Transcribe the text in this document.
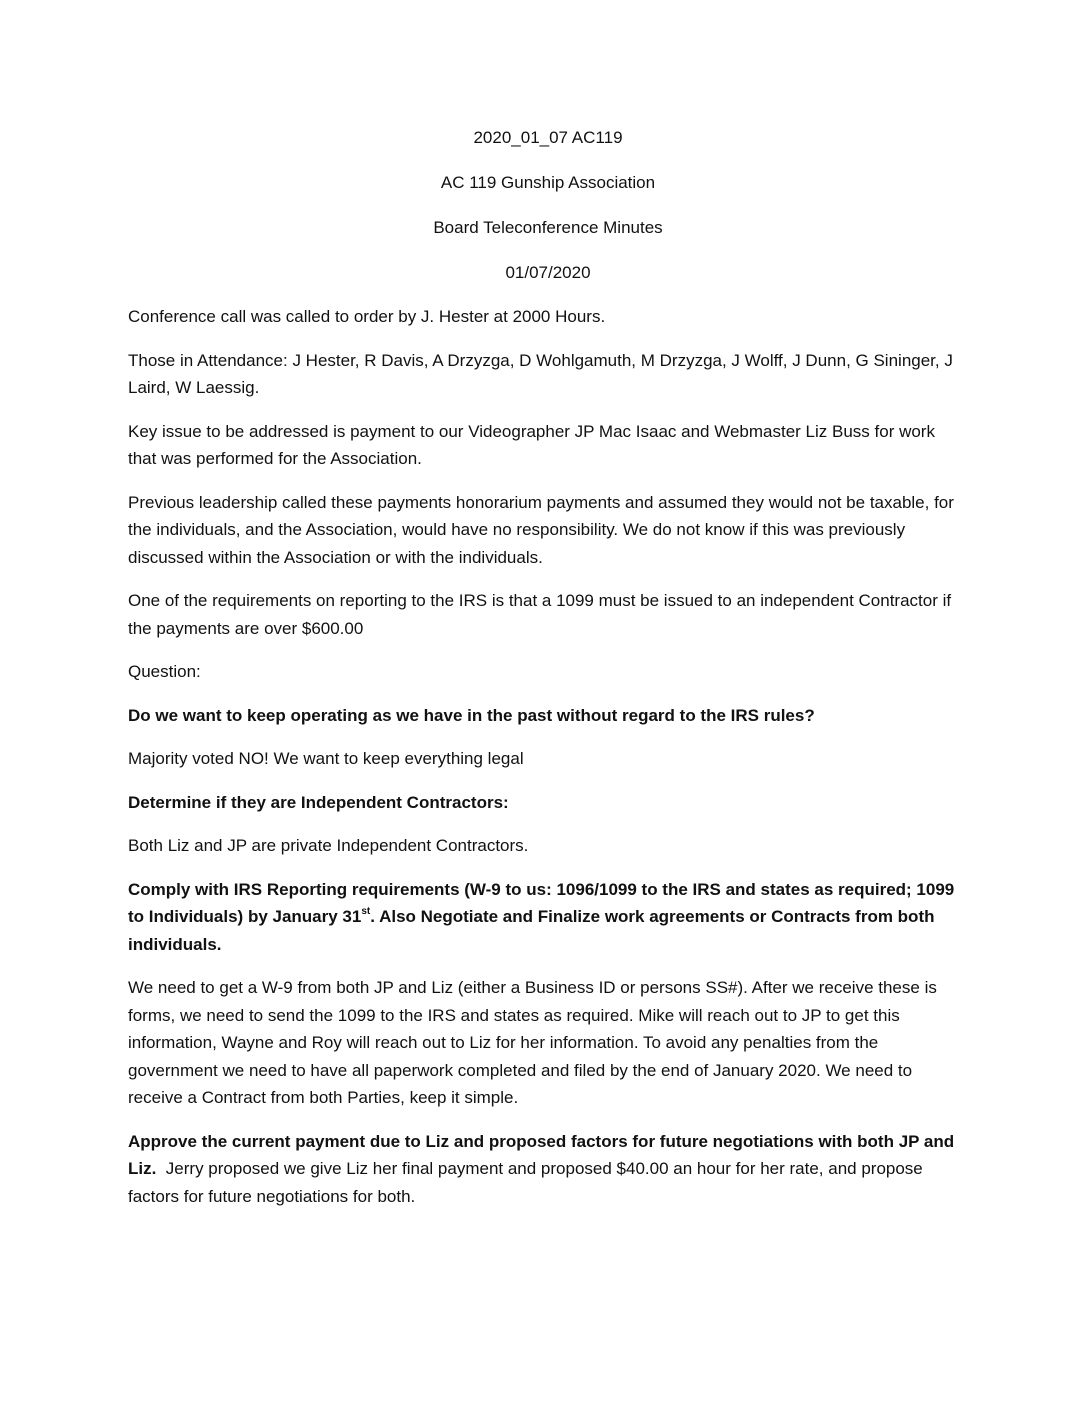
2020_01_07 AC119
AC 119 Gunship Association
Board Teleconference Minutes
01/07/2020

Conference call was called to order by J. Hester at 2000 Hours.

Those in Attendance: J Hester, R Davis, A Drzyzga, D Wohlgamuth, M Drzyzga, J Wolff, J Dunn, G Sininger, J Laird, W Laessig.

Key issue to be addressed is payment to our Videographer JP Mac Isaac and Webmaster Liz Buss for work that was performed for the Association.

Previous leadership called these payments honorarium payments and assumed they would not be taxable, for the individuals, and the Association, would have no responsibility. We do not know if this was previously discussed within the Association or with the individuals.

One of the requirements on reporting to the IRS is that a 1099 must be issued to an independent Contractor if the payments are over $600.00

Question:

Do we want to keep operating as we have in the past without regard to the IRS rules?

Majority voted NO! We want to keep everything legal

Determine if they are Independent Contractors:

Both Liz and JP are private Independent Contractors.

Comply with IRS Reporting requirements (W-9 to us: 1096/1099 to the IRS and states as required; 1099 to Individuals) by January 31st. Also Negotiate and Finalize work agreements or Contracts from both individuals.

We need to get a W-9 from both JP and Liz (either a Business ID or persons SS#). After we receive these is forms, we need to send the 1099 to the IRS and states as required. Mike will reach out to JP to get this information, Wayne and Roy will reach out to Liz for her information. To avoid any penalties from the government we need to have all paperwork completed and filed by the end of January 2020. We need to receive a Contract from both Parties, keep it simple.

Approve the current payment due to Liz and proposed factors for future negotiations with both JP and Liz.  Jerry proposed we give Liz her final payment and proposed $40.00 an hour for her rate, and propose factors for future negotiations for both.
